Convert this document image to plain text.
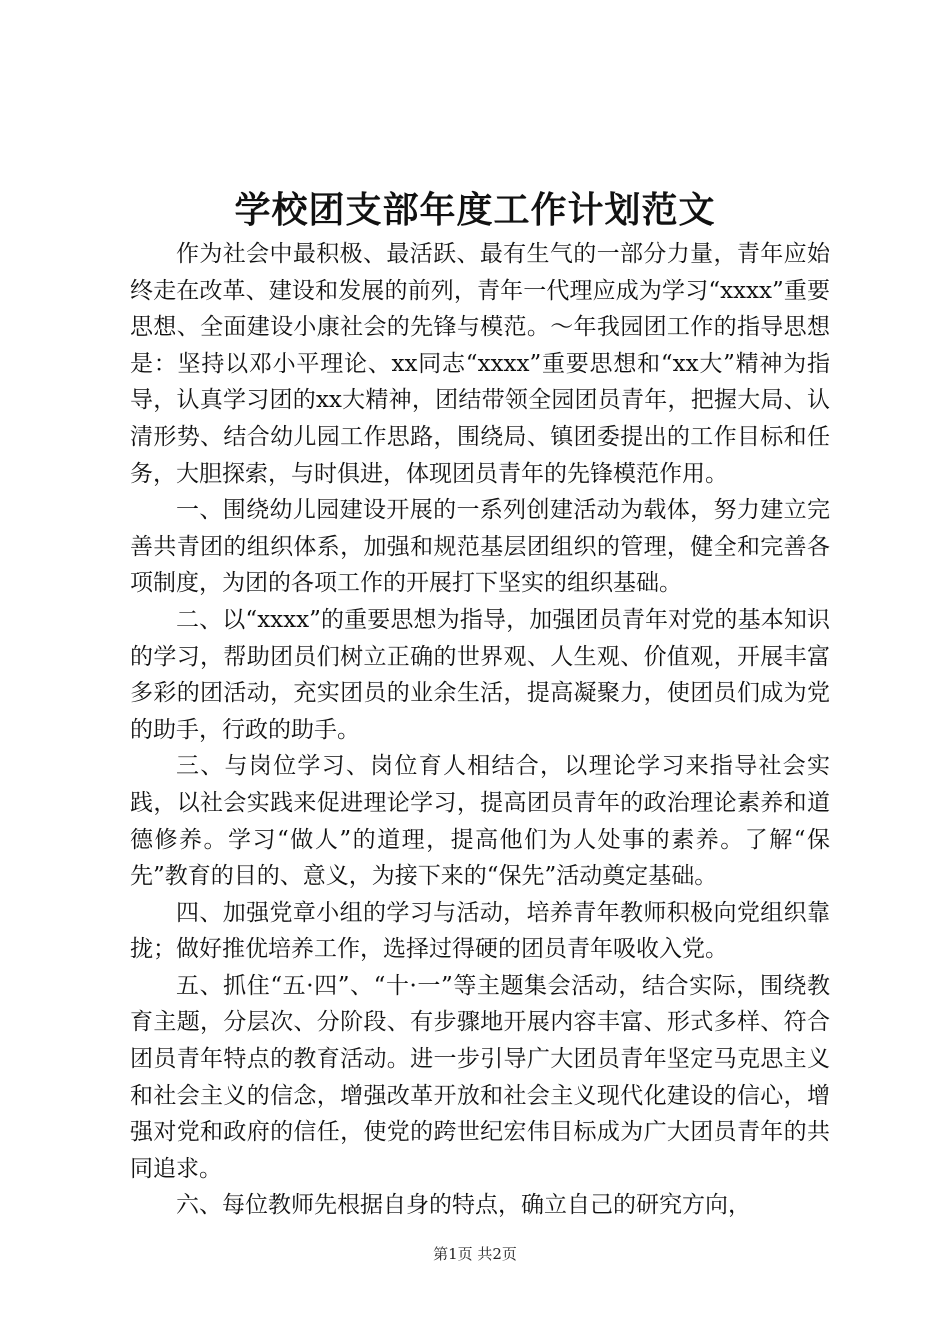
学校团支部年度工作计划范文

作为社会中最积极、最活跃、最有生气的一部分力量，青年应始终走在改革、建设和发展的前列，青年一代理应成为学习“xxxx”重要思想、全面建设小康社会的先锋与模范。～年我园团工作的指导思想是：坚持以邓小平理论、xx同志“xxxx”重要思想和“xx大”精神为指导，认真学习团的xx大精神，团结带领全园团员青年，把握大局、认清形势、结合幼儿园工作思路，围绕局、镇团委提出的工作目标和任务，大胆探索，与时俱进，体现团员青年的先锋模范作用。

一、围绕幼儿园建设开展的一系列创建活动为载体，努力建立完善共青团的组织体系，加强和规范基层团组织的管理，健全和完善各项制度，为团的各项工作的开展打下坚实的组织基础。

二、以“xxxx”的重要思想为指导，加强团员青年对党的基本知识的学习，帮助团员们树立正确的世界观、人生观、价值观，开展丰富多彩的团活动，充实团员的业余生活，提高凝聚力，使团员们成为党的助手，行政的助手。

三、与岗位学习、岗位育人相结合，以理论学习来指导社会实践，以社会实践来促进理论学习，提高团员青年的政治理论素养和道德修养。学习“做人”的道理，提高他们为人处事的素养。了解“保先”教育的目的、意义，为接下来的“保先”活动奠定基础。

四、加强党章小组的学习与活动，培养青年教师积极向党组织靠拢；做好推优培养工作，选择过得硬的团员青年吸收入党。

五、抓住“五·四”、“十·一”等主题集会活动，结合实际，围绕教育主题，分层次、分阶段、有步骤地开展内容丰富、形式多样、符合团员青年特点的教育活动。进一步引导广大团员青年坚定马克思主义和社会主义的信念，增强改革开放和社会主义现代化建设的信心，增强对党和政府的信任，使党的跨世纪宏伟目标成为广大团员青年的共同追求。

六、每位教师先根据自身的特点，确立自己的研究方向，

第1页 共2页
